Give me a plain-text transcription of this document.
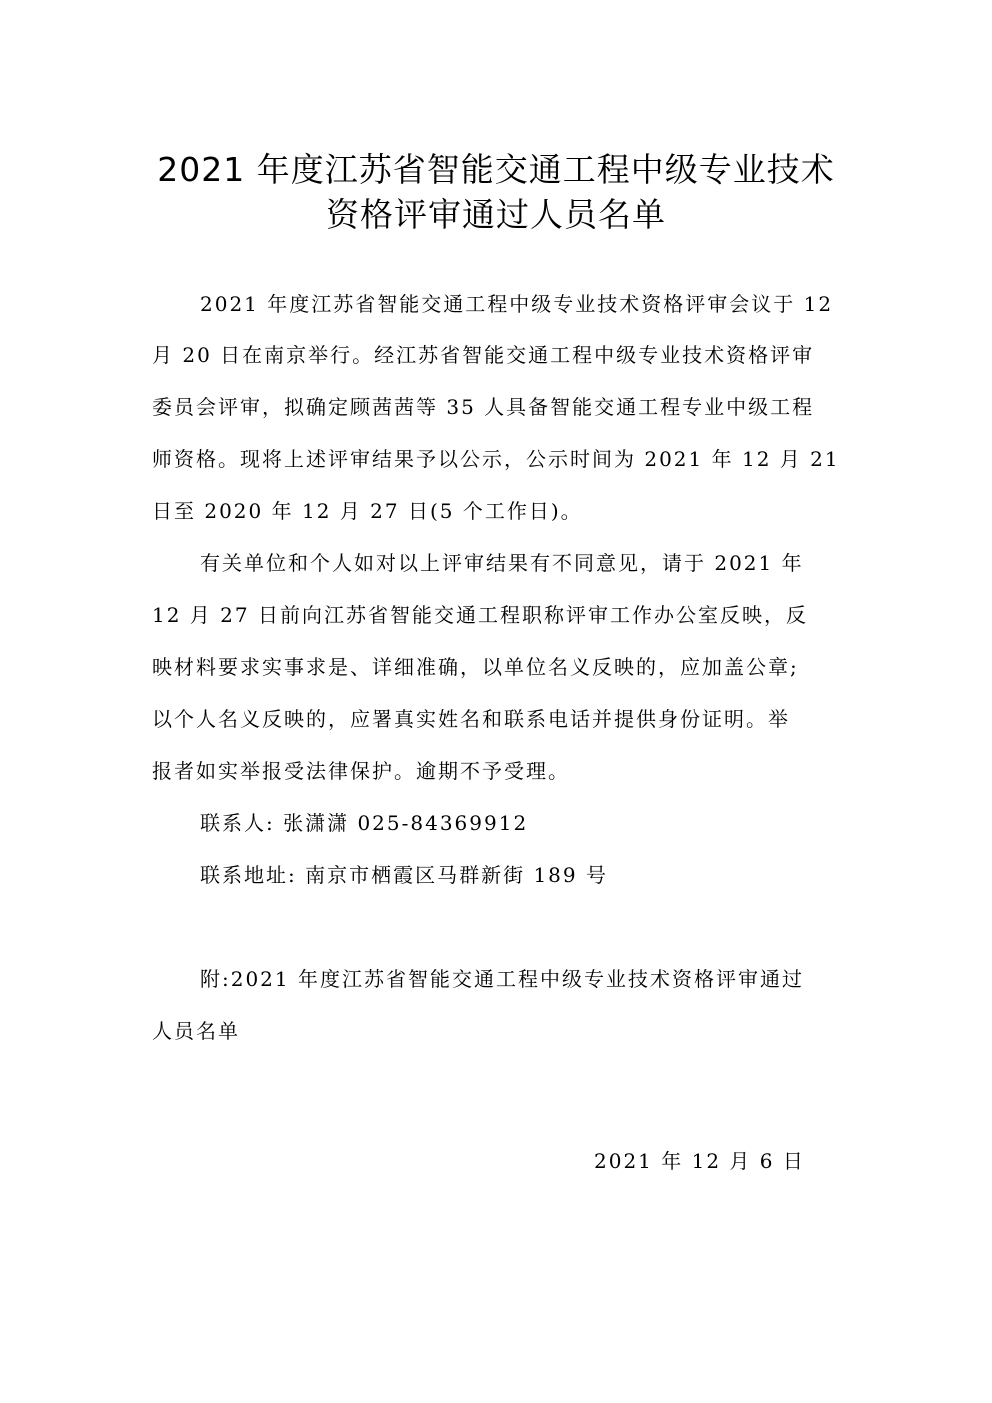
2021 年度江苏省智能交通工程中级专业技术
资格评审通过人员名单
2021 年度江苏省智能交通工程中级专业技术资格评审会议于 12
月 20 日在南京举行。经江苏省智能交通工程中级专业技术资格评审
委员会评审，拟确定顾茜茜等 35 人具备智能交通工程专业中级工程
师资格。现将上述评审结果予以公示，公示时间为 2021 年 12 月 21
日至 2020 年 12 月 27 日(5 个工作日)。
有关单位和个人如对以上评审结果有不同意见，请于 2021 年
12 月 27 日前向江苏省智能交通工程职称评审工作办公室反映，反
映材料要求实事求是、详细准确，以单位名义反映的，应加盖公章;
以个人名义反映的，应署真实姓名和联系电话并提供身份证明。举
报者如实举报受法律保护。逾期不予受理。
联系人: 张潇潇 025-84369912
联系地址: 南京市栖霞区马群新街 189 号
附:2021 年度江苏省智能交通工程中级专业技术资格评审通过
人员名单
2021 年 12 月 6 日
